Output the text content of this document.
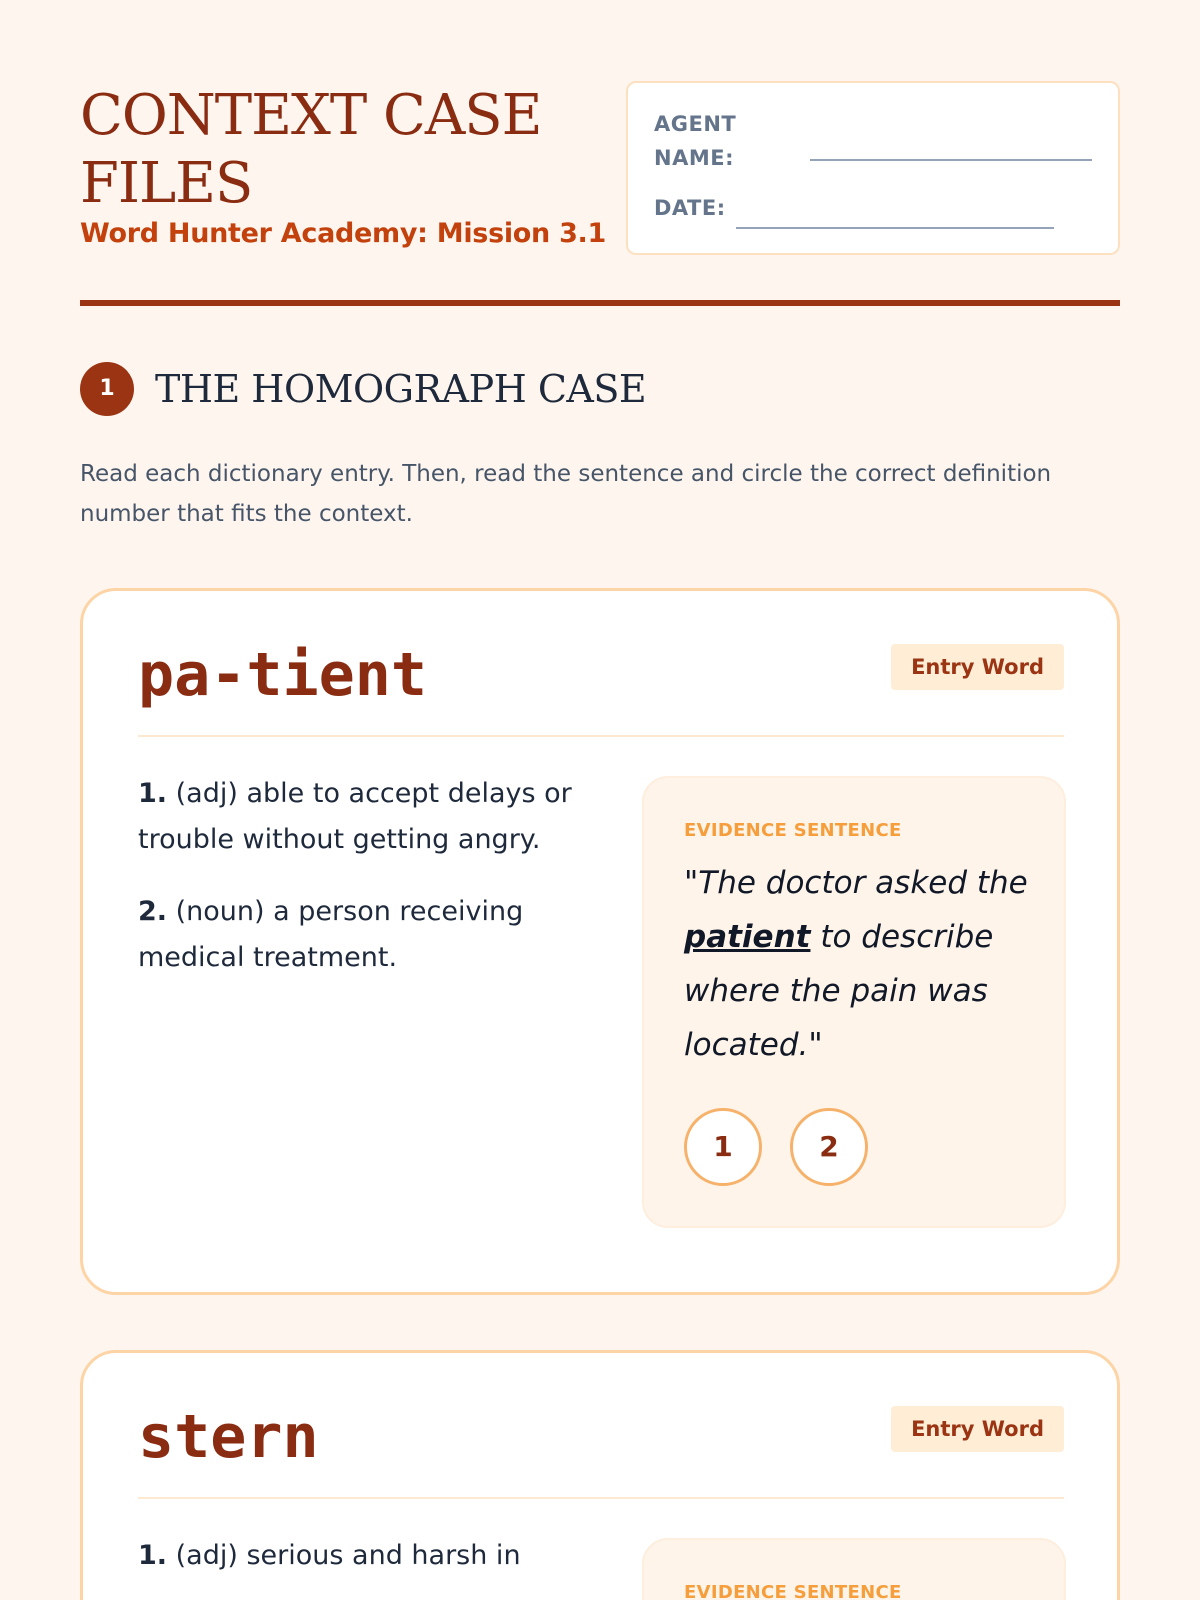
CONTEXT CASE FILES
Word Hunter Academy: Mission 3.1
AGENT
NAME:
DATE:
1	THE HOMOGRAPH CASE

Read each dictionary entry. Then, read the sentence and circle the correct definition number that fits the context.

pa-tient	Entry Word

1. (adj) able to accept delays or trouble without getting angry.

2. (noun) a person receiving medical treatment.

EVIDENCE SENTENCE

"The doctor asked the patient to describe where the pain was located."

1	2
stern	Entry Word

1. (adj) serious and harsh in

EVIDENCE SENTENCE
